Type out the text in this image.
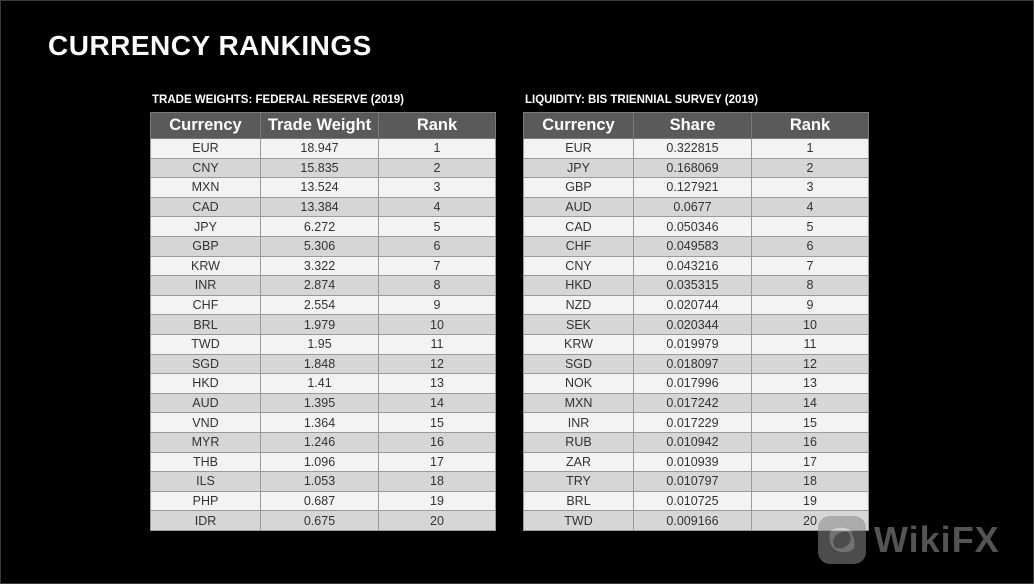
CURRENCY RANKINGS
TRADE WEIGHTS: FEDERAL RESERVE (2019)
Currency	Trade Weight	Rank
EUR	18.947	1
CNY	15.835	2
MXN	13.524	3
CAD	13.384	4
JPY	6.272	5
GBP	5.306	6
KRW	3.322	7
INR	2.874	8
CHF	2.554	9
BRL	1.979	10
TWD	1.95	11
SGD	1.848	12
HKD	1.41	13
AUD	1.395	14
VND	1.364	15
MYR	1.246	16
THB	1.096	17
ILS	1.053	18
PHP	0.687	19
IDR	0.675	20
LIQUIDITY: BIS TRIENNIAL SURVEY (2019)
Currency	Share	Rank
EUR	0.322815	1
JPY	0.168069	2
GBP	0.127921	3
AUD	0.0677	4
CAD	0.050346	5
CHF	0.049583	6
CNY	0.043216	7
HKD	0.035315	8
NZD	0.020744	9
SEK	0.020344	10
KRW	0.019979	11
SGD	0.018097	12
NOK	0.017996	13
MXN	0.017242	14
INR	0.017229	15
RUB	0.010942	16
ZAR	0.010939	17
TRY	0.010797	18
BRL	0.010725	19
TWD	0.009166	20 WikiFX
